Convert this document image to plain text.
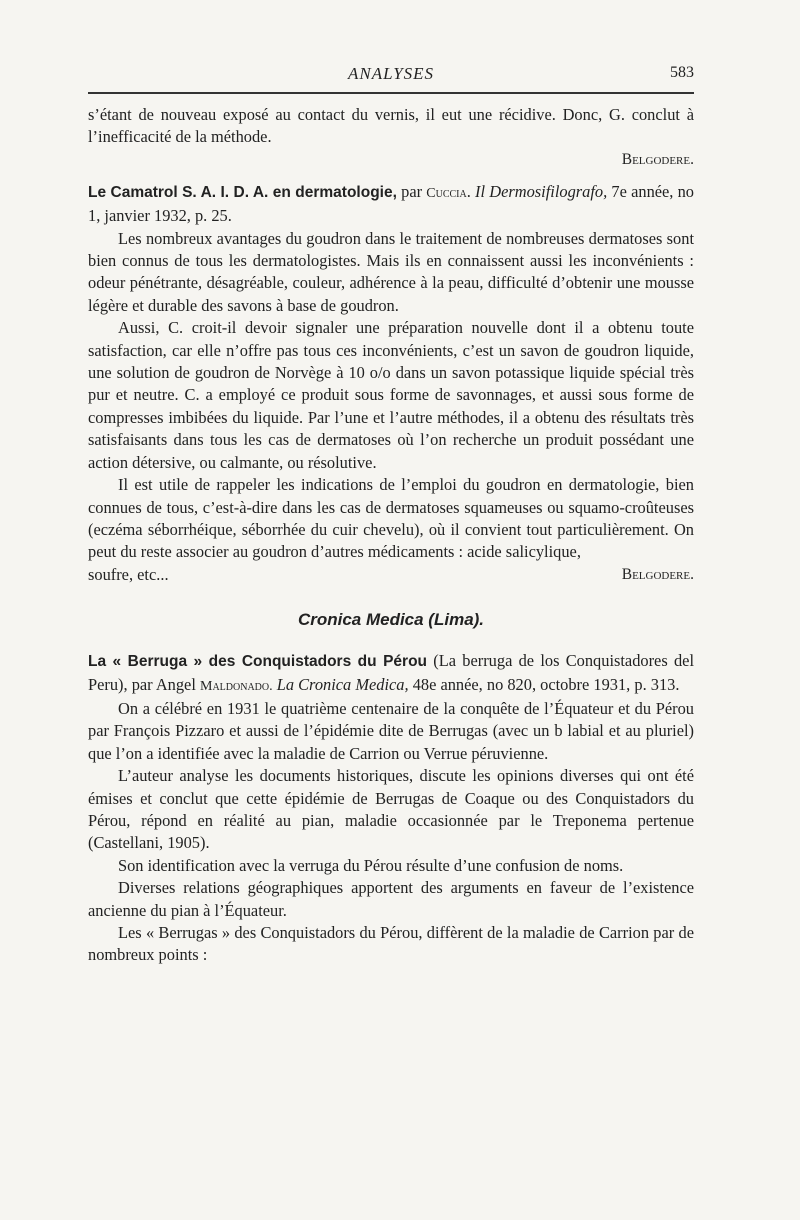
ANALYSES	583

s’étant de nouveau exposé au contact du vernis, il eut une récidive. Donc, G. conclut à l’inefficacité de la méthode.

Belgodere.

Le Camatrol S. A. I. D. A. en dermatologie, par Cuccia. Il Dermosifilografo, 7e année, no 1, janvier 1932, p. 25.

Les nombreux avantages du goudron dans le traitement de nombreuses dermatoses sont bien connus de tous les dermatologistes. Mais ils en connaissent aussi les inconvénients : odeur pénétrante, désagréable, couleur, adhérence à la peau, difficulté d’obtenir une mousse légère et durable des savons à base de goudron.

Aussi, C. croit-il devoir signaler une préparation nouvelle dont il a obtenu toute satisfaction, car elle n’offre pas tous ces inconvénients, c’est un savon de goudron liquide, une solution de goudron de Norvège à 10 o/o dans un savon potassique liquide spécial très pur et neutre. C. a employé ce produit sous forme de savonnages, et aussi sous forme de compresses imbibées du liquide. Par l’une et l’autre méthodes, il a obtenu des résultats très satisfaisants dans tous les cas de dermatoses où l’on recherche un produit possédant une action détersive, ou calmante, ou résolutive.

Il est utile de rappeler les indications de l’emploi du goudron en dermatologie, bien connues de tous, c’est-à-dire dans les cas de dermatoses squameuses ou squamo-croûteuses (eczéma séborrhéique, séborrhée du cuir chevelu), où il convient tout particulièrement. On peut du reste associer au goudron d’autres médicaments : acide salicylique,

soufre, etc...	Belgodere.
Cronica Medica (Lima).

La « Berruga » des Conquistadors du Pérou (La berruga de los Conquistadores del Peru), par Angel Maldonado. La Cronica Medica, 48e année, no 820, octobre 1931, p. 313.

On a célébré en 1931 le quatrième centenaire de la conquête de l’Équateur et du Pérou par François Pizzaro et aussi de l’épidémie dite de Berrugas (avec un b labial et au pluriel) que l’on a identifiée avec la maladie de Carrion ou Verrue péruvienne.

L’auteur analyse les documents historiques, discute les opinions diverses qui ont été émises et conclut que cette épidémie de Berrugas de Coaque ou des Conquistadors du Pérou, répond en réalité au pian, maladie occasionnée par le Treponema pertenue (Castellani, 1905).

Son identification avec la verruga du Pérou résulte d’une confusion de noms.

Diverses relations géographiques apportent des arguments en faveur de l’existence ancienne du pian à l’Équateur.

Les « Berrugas » des Conquistadors du Pérou, diffèrent de la maladie de Carrion par de nombreux points :
